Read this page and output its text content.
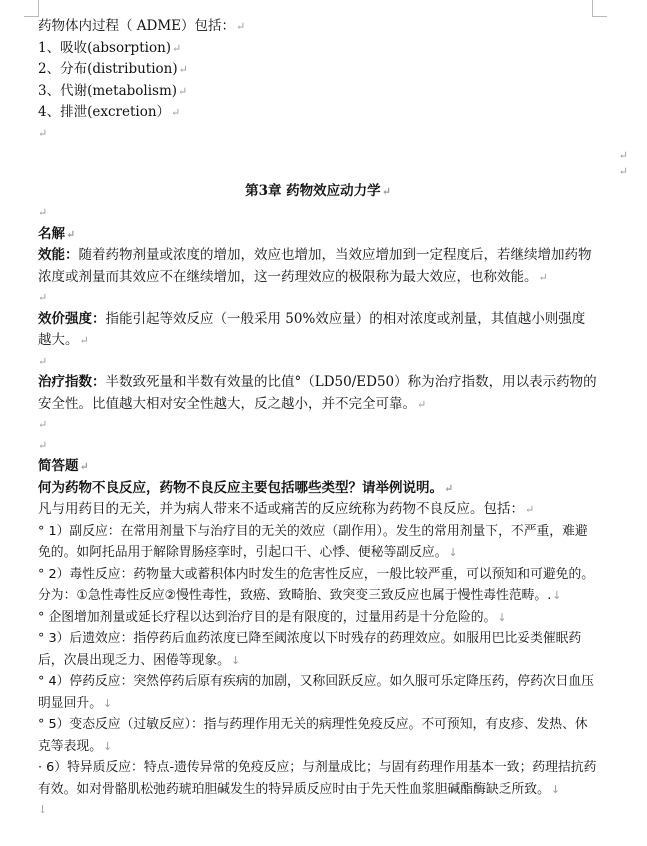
药物体内过程（ ADME）包括：↵
1、吸收(absorption)↵
2、分布(distribution)↵
3、代谢(metabolism)↵
4、排泄(excretion）↵
↵
↵
↵
第3章 药物效应动力学↵
↵
名解↵
效能：随着药物剂量或浓度的增加，效应也增加，当效应增加到一定程度后，若继续增加药物浓度或剂量而其效应不在继续增加，这一药理效应的极限称为最大效应，也称效能。↵
↵
效价强度：指能引起等效反应（一般采用 50%效应量）的相对浓度或剂量，其值越小则强度越大。↵
↵
治疗指数：半数致死量和半数有效量的比值°（LD50/ED50）称为治疗指数，用以表示药物的安全性。比值越大相对安全性越大，反之越小，并不完全可靠。↵
↵
↵
简答题↵
何为药物不良反应，药物不良反应主要包括哪些类型？请举例说明。↵
凡与用药目的无关，并为病人带来不适或痛苦的反应统称为药物不良反应。包括：↵
° 1）副反应：在常用剂量下与治疗目的无关的效应（副作用）。发生的常用剂量下，不严重，难避免的。如阿托品用于解除胃肠痉挛时，引起口干、心悸、便秘等副反应。↓
° 2）毒性反应：药物量大或蓄积体内时发生的危害性反应，一般比较严重，可以预知和可避免的。分为：①急性毒性反应②慢性毒性，致癌、致畸胎、致突变三致反应也属于慢性毒性范畴。.↓
° 企图增加剂量或延长疗程以达到治疗目的是有限度的，过量用药是十分危险的。↓
° 3）后遗效应：指停药后血药浓度已降至阈浓度以下时残存的药理效应。如服用巴比妥类催眠药后，次晨出现乏力、困倦等现象。↓
° 4）停药反应：突然停药后原有疾病的加剧，又称回跃反应。如久服可乐定降压药，停药次日血压明显回升。↓
° 5）变态反应（过敏反应）：指与药理作用无关的病理性免疫反应。不可预知，有皮疹、发热、休克等表现。↓
· 6）特异质反应：特点-遗传异常的免疫反应；与剂量成比；与固有药理作用基本一致；药理拮抗药有效。如对骨骼肌松弛药琥珀胆碱发生的特异质反应时由于先天性血浆胆碱酯酶缺乏所致。↓
↓
